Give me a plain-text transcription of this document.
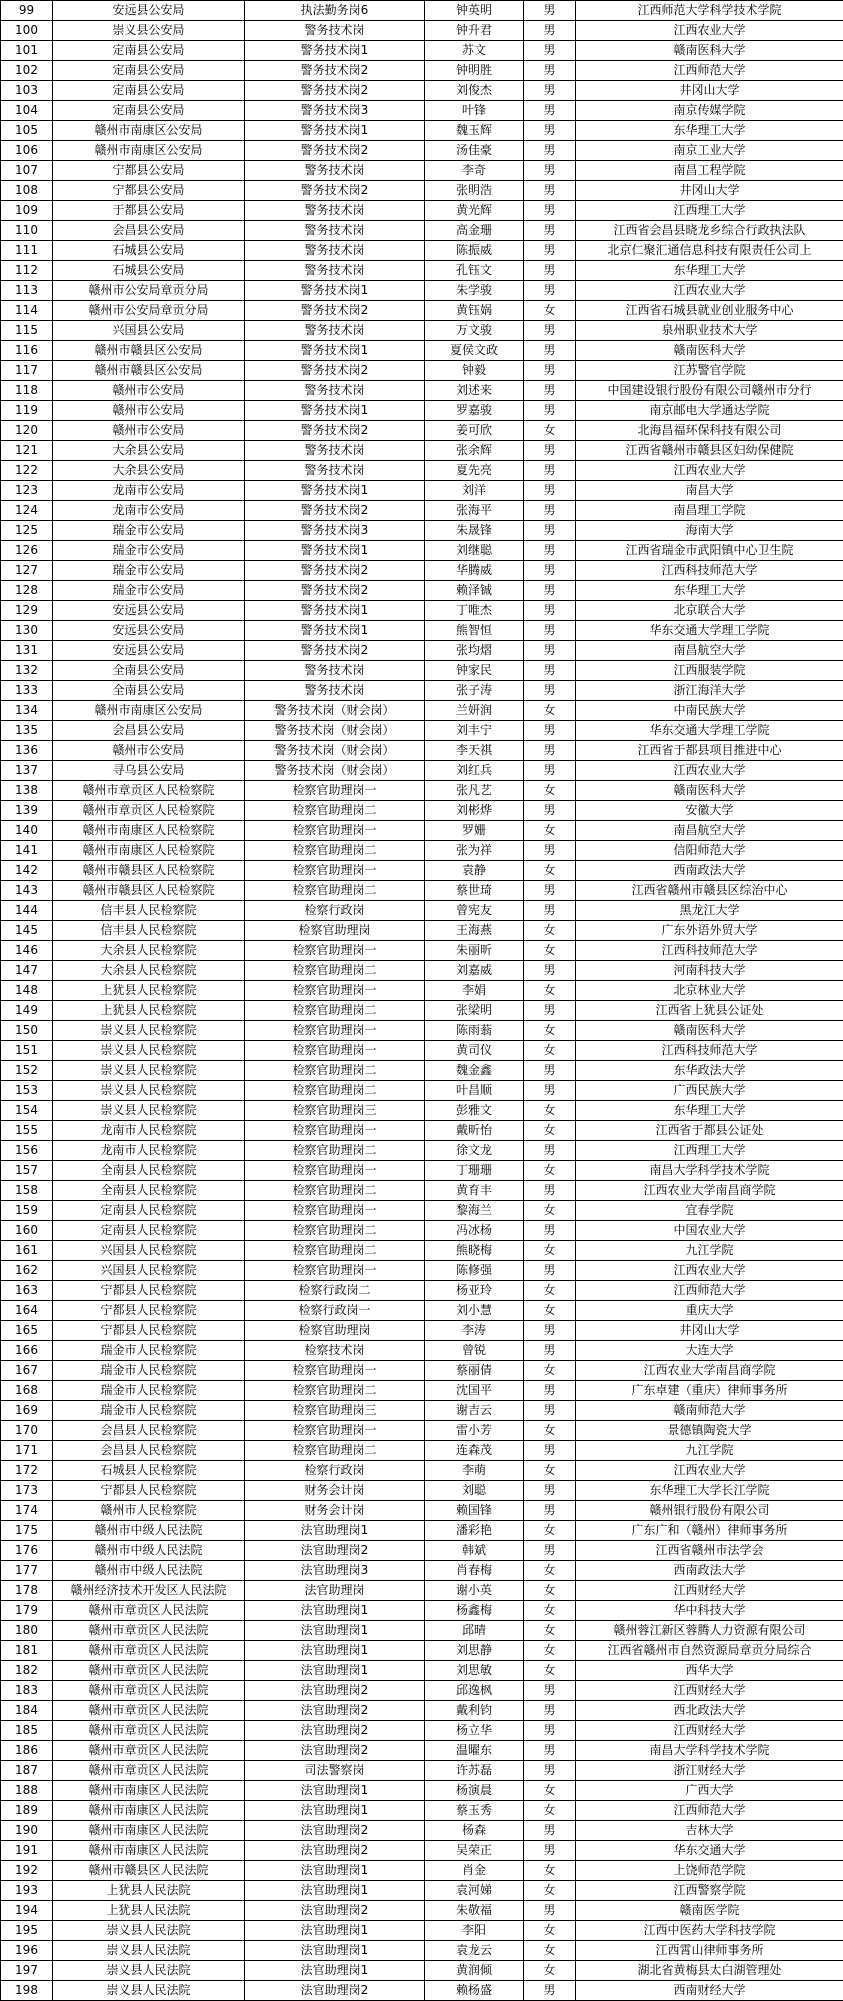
99	安远县公安局	执法勤务岗6	钟英明	男	江西师范大学科学技术学院
100	崇义县公安局	警务技术岗	钟升君	男	江西农业大学
101	定南县公安局	警务技术岗1	苏文	男	赣南医科大学
102	定南县公安局	警务技术岗2	钟明胜	男	江西师范大学
103	定南县公安局	警务技术岗2	刘俊杰	男	井冈山大学
104	定南县公安局	警务技术岗3	叶锋	男	南京传媒学院
105	赣州市南康区公安局	警务技术岗1	魏玉辉	男	东华理工大学
106	赣州市南康区公安局	警务技术岗2	汤佳豪	男	南京工业大学
107	宁都县公安局	警务技术岗	李奇	男	南昌工程学院
108	宁都县公安局	警务技术岗2	张明浩	男	井冈山大学
109	于都县公安局	警务技术岗	黄光辉	男	江西理工大学
110	会昌县公安局	警务技术岗	高金珊	男	江西省会昌县晓龙乡综合行政执法队
111	石城县公安局	警务技术岗	陈振威	男	北京仁聚汇通信息科技有限责任公司上
112	石城县公安局	警务技术岗	孔钰文	男	东华理工大学
113	赣州市公安局章贡分局	警务技术岗1	朱学骏	男	江西农业大学
114	赣州市公安局章贡分局	警务技术岗2	黄钰娲	女	江西省石城县就业创业服务中心
115	兴国县公安局	警务技术岗	万文骏	男	泉州职业技术大学
116	赣州市赣县区公安局	警务技术岗1	夏侯文政	男	赣南医科大学
117	赣州市赣县区公安局	警务技术岗2	钟毅	男	江苏警官学院
118	赣州市公安局	警务技术岗	刘述来	男	中国建设银行股份有限公司赣州市分行
119	赣州市公安局	警务技术岗1	罗嘉骏	男	南京邮电大学通达学院
120	赣州市公安局	警务技术岗2	姜可欣	女	北海昌福环保科技有限公司
121	大余县公安局	警务技术岗	张余辉	男	江西省赣州市赣县区妇幼保健院
122	大余县公安局	警务技术岗	夏先亮	男	江西农业大学
123	龙南市公安局	警务技术岗1	刘洋	男	南昌大学
124	龙南市公安局	警务技术岗2	张海平	男	南昌理工学院
125	瑞金市公安局	警务技术岗3	朱晟锋	男	海南大学
126	瑞金市公安局	警务技术岗1	刘继聪	男	江西省瑞金市武阳镇中心卫生院
127	瑞金市公安局	警务技术岗2	华腾威	男	江西科技师范大学
128	瑞金市公安局	警务技术岗2	赖泽铖	男	东华理工大学
129	安远县公安局	警务技术岗1	丁唯杰	男	北京联合大学
130	安远县公安局	警务技术岗1	熊智恒	男	华东交通大学理工学院
131	安远县公安局	警务技术岗2	张均熠	男	南昌航空大学
132	全南县公安局	警务技术岗	钟家民	男	江西服装学院
133	全南县公安局	警务技术岗	张子涛	男	浙江海洋大学
134	赣州市南康区公安局	警务技术岗（财会岗）	兰妍润	女	中南民族大学
135	会昌县公安局	警务技术岗（财会岗）	刘丰宁	男	华东交通大学理工学院
136	赣州市公安局	警务技术岗（财会岗）	李天祺	男	江西省于都县项目推进中心
137	寻乌县公安局	警务技术岗（财会岗）	刘红兵	男	江西农业大学
138	赣州市章贡区人民检察院	检察官助理岗一	张凡艺	女	赣南医科大学
139	赣州市章贡区人民检察院	检察官助理岗二	刘彬烨	男	安徽大学
140	赣州市南康区人民检察院	检察官助理岗一	罗姗	女	南昌航空大学
141	赣州市南康区人民检察院	检察官助理岗二	张为祥	男	信阳师范大学
142	赣州市赣县区人民检察院	检察官助理岗一	袁静	女	西南政法大学
143	赣州市赣县区人民检察院	检察官助理岗二	蔡世琦	男	江西省赣州市赣县区综治中心
144	信丰县人民检察院	检察行政岗	曾宪友	男	黑龙江大学
145	信丰县人民检察院	检察官助理岗	王海燕	女	广东外语外贸大学
146	大余县人民检察院	检察官助理岗一	朱丽昕	女	江西科技师范大学
147	大余县人民检察院	检察官助理岗二	刘嘉威	男	河南科技大学
148	上犹县人民检察院	检察官助理岗一	李娟	女	北京林业大学
149	上犹县人民检察院	检察官助理岗二	张梁明	男	江西省上犹县公证处
150	崇义县人民检察院	检察官助理岗一	陈雨蓊	女	赣南医科大学
151	崇义县人民检察院	检察官助理岗一	黄司仪	女	江西科技师范大学
152	崇义县人民检察院	检察官助理岗二	魏金鑫	男	东华政法大学
153	崇义县人民检察院	检察官助理岗二	叶昌顺	男	广西民族大学
154	崇义县人民检察院	检察官助理岗三	彭雅文	女	东华理工大学
155	龙南市人民检察院	检察官助理岗一	戴昕怡	女	江西省于都县公证处
156	龙南市人民检察院	检察官助理岗二	徐文龙	男	江西理工大学
157	全南县人民检察院	检察官助理岗一	丁珊珊	女	南昌大学科学技术学院
158	全南县人民检察院	检察官助理岗二	黄育丰	男	江西农业大学南昌商学院
159	定南县人民检察院	检察官助理岗一	黎海兰	女	宜春学院
160	定南县人民检察院	检察官助理岗二	冯冰杨	男	中国农业大学
161	兴国县人民检察院	检察官助理岗二	熊晓梅	女	九江学院
162	兴国县人民检察院	检察官助理岗一	陈修强	男	江西农业大学
163	宁都县人民检察院	检察行政岗二	杨亚玲	女	江西师范大学
164	宁都县人民检察院	检察行政岗一	刘小慧	女	重庆大学
165	宁都县人民检察院	检察官助理岗	李涛	男	井冈山大学
166	瑞金市人民检察院	检察技术岗	曾锐	男	大连大学
167	瑞金市人民检察院	检察官助理岗一	蔡丽倩	女	江西农业大学南昌商学院
168	瑞金市人民检察院	检察官助理岗二	沈国平	男	广东卓建（重庆）律师事务所
169	瑞金市人民检察院	检察官助理岗三	谢吉云	男	赣南师范大学
170	会昌县人民检察院	检察官助理岗一	雷小芳	女	景德镇陶瓷大学
171	会昌县人民检察院	检察官助理岗二	连森茂	男	九江学院
172	石城县人民检察院	检察行政岗	李萌	女	江西农业大学
173	宁都县人民检察院	财务会计岗	刘聪	男	东华理工大学长江学院
174	赣州市人民检察院	财务会计岗	赖国锋	男	赣州银行股份有限公司
175	赣州市中级人民法院	法官助理岗1	潘彩艳	女	广东广和（赣州）律师事务所
176	赣州市中级人民法院	法官助理岗2	韩斌	男	江西省赣州市法学会
177	赣州市中级人民法院	法官助理岗3	肖春梅	女	西南政法大学
178	赣州经济技术开发区人民法院	法官助理岗	谢小英	女	江西财经大学
179	赣州市章贡区人民法院	法官助理岗1	杨鑫梅	女	华中科技大学
180	赣州市章贡区人民法院	法官助理岗1	邱晴	女	赣州蓉江新区蓉腾人力资源有限公司
181	赣州市章贡区人民法院	法官助理岗1	刘思静	女	江西省赣州市自然资源局章贡分局综合
182	赣州市章贡区人民法院	法官助理岗1	刘思敏	女	西华大学
183	赣州市章贡区人民法院	法官助理岗2	邱逸枫	男	江西财经大学
184	赣州市章贡区人民法院	法官助理岗2	戴利钧	男	西北政法大学
185	赣州市章贡区人民法院	法官助理岗2	杨立华	男	江西财经大学
186	赣州市章贡区人民法院	法官助理岗2	温曜东	男	南昌大学科学技术学院
187	赣州市章贡区人民法院	司法警察岗	许苏磊	男	浙江财经大学
188	赣州市南康区人民法院	法官助理岗1	杨演晨	女	广西大学
189	赣州市南康区人民法院	法官助理岗1	蔡玉秀	女	江西师范大学
190	赣州市南康区人民法院	法官助理岗2	杨森	男	吉林大学
191	赣州市南康区人民法院	法官助理岗2	吴荣正	男	华东交通大学
192	赣州市赣县区人民法院	法官助理岗1	肖金	女	上饶师范学院
193	上犹县人民法院	法官助理岗1	袁河娣	女	江西警察学院
194	上犹县人民法院	法官助理岗2	朱敬福	男	赣南医学院
195	崇义县人民法院	法官助理岗1	李阳	女	江西中医药大学科技学院
196	崇义县人民法院	法官助理岗1	袁龙云	女	江西霄山律师事务所
197	崇义县人民法院	法官助理岗1	黄润倾	女	湖北省黄梅县太白湖管理处
198	崇义县人民法院	法官助理岗2	赖杨盛	男	西南财经大学
